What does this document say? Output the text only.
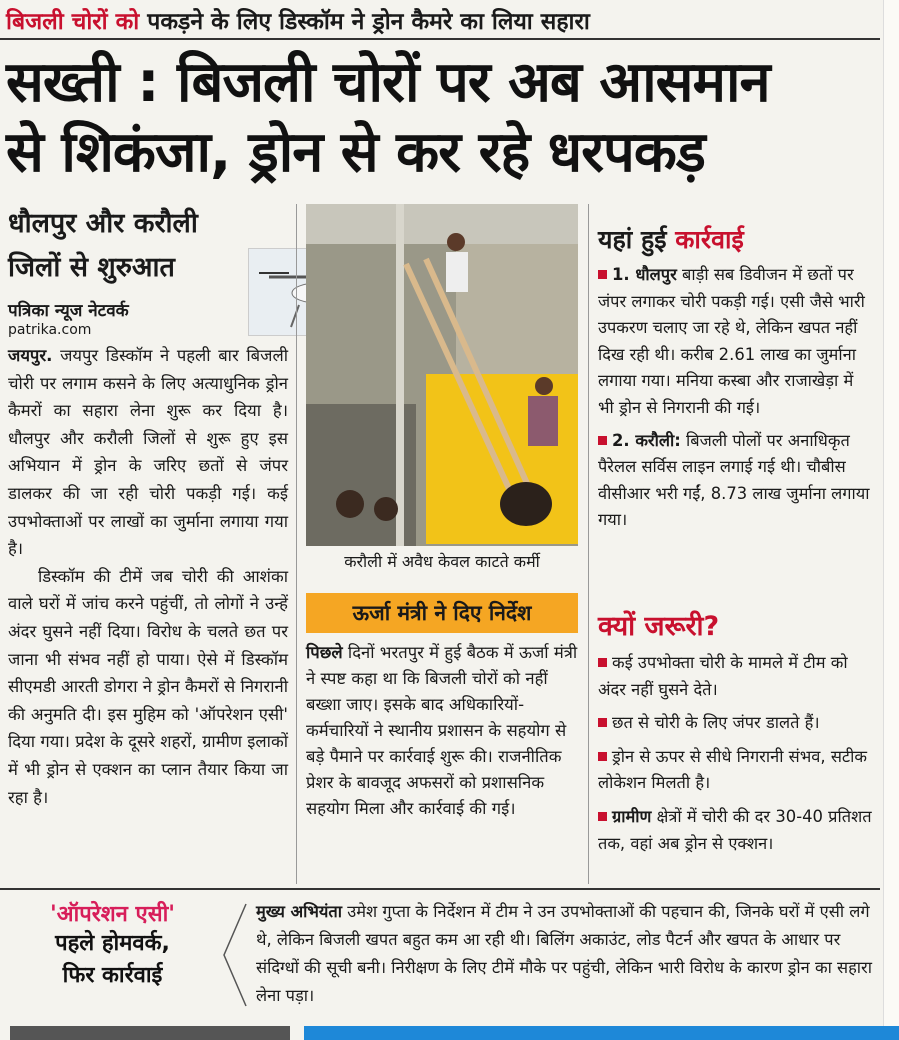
बिजली चोरों को पकड़ने के लिए डिस्कॉम ने ड्रोन कैमरे का लिया सहारा
सख्ती : बिजली चोरों पर अब आसमान
से शिकंजा, ड्रोन से कर रहे धरपकड़
धौलपुर और करौली
जिलों से शुरुआत
पत्रिका न्यूज नेटवर्क
patrika.com

जयपुर. जयपुर डिस्कॉम ने पहली बार बिजली चोरी पर लगाम कसने के लिए अत्याधुनिक ड्रोन कैमरों का सहारा लेना शुरू कर दिया है। धौलपुर और करौली जिलों से शुरू हुए इस अभियान में ड्रोन के जरिए छतों से जंपर डालकर की जा रही चोरी पकड़ी गई। कई उपभोक्ताओं पर लाखों का जुर्माना लगाया गया है।

डिस्कॉम की टीमें जब चोरी की आशंका वाले घरों में जांच करने पहुंचीं, तो लोगों ने उन्हें अंदर घुसने नहीं दिया। विरोध के चलते छत पर जाना भी संभव नहीं हो पाया। ऐसे में डिस्कॉम सीएमडी आरती डोगरा ने ड्रोन कैमरों से निगरानी की अनुमति दी। इस मुहिम को 'ऑपरेशन एसी' दिया गया। प्रदेश के दूसरे शहरों, ग्रामीण इलाकों में भी ड्रोन से एक्शन का प्लान तैयार किया जा रहा है।

करौली में अवैध केवल काटते कर्मी
ऊर्जा मंत्री ने दिए निर्देश
पिछले दिनों भरतपुर में हुई बैठक में ऊर्जा मंत्री ने स्पष्ट कहा था कि बिजली चोरों को नहीं बख्शा जाए। इसके बाद अधिकारियों-कर्मचारियों ने स्थानीय प्रशासन के सहयोग से बड़े पैमाने पर कार्रवाई शुरू की। राजनीतिक प्रेशर के बावजूद अफसरों को प्रशासनिक सहयोग मिला और कार्रवाई की गई।
यहां हुई कार्रवाई

1. धौलपुर बाड़ी सब डिवीजन में छतों पर जंपर लगाकर चोरी पकड़ी गई। एसी जैसे भारी उपकरण चलाए जा रहे थे, लेकिन खपत नहीं दिख रही थी। करीब 2.61 लाख का जुर्माना लगाया गया। मनिया कस्बा और राजाखेड़ा में भी ड्रोन से निगरानी की गई।

2. करौली: बिजली पोलों पर अनाधिकृत पैरेलल सर्विस लाइन लगाई गई थी। चौबीस वीसीआर भरी गईं, 8.73 लाख जुर्माना लगाया गया।

क्यों जरूरी?

कई उपभोक्ता चोरी के मामले में टीम को अंदर नहीं घुसने देते।

छत से चोरी के लिए जंपर डालते हैं।

ड्रोन से ऊपर से सीधे निगरानी संभव, सटीक लोकेशन मिलती है।

ग्रामीण क्षेत्रों में चोरी की दर 30-40 प्रतिशत तक, वहां अब ड्रोन से एक्शन।

'ऑपरेशन एसी'
पहले होमवर्क,
फिर कार्रवाई
मुख्य अभियंता उमेश गुप्ता के निर्देशन में टीम ने उन उपभोक्ताओं की पहचान की, जिनके घरों में एसी लगे थे, लेकिन बिजली खपत बहुत कम आ रही थी। बिलिंग अकाउंट, लोड पैटर्न और खपत के आधार पर संदिग्धों की सूची बनी। निरीक्षण के लिए टीमें मौके पर पहुंची, लेकिन भारी विरोध के कारण ड्रोन का सहारा लेना पड़ा।
